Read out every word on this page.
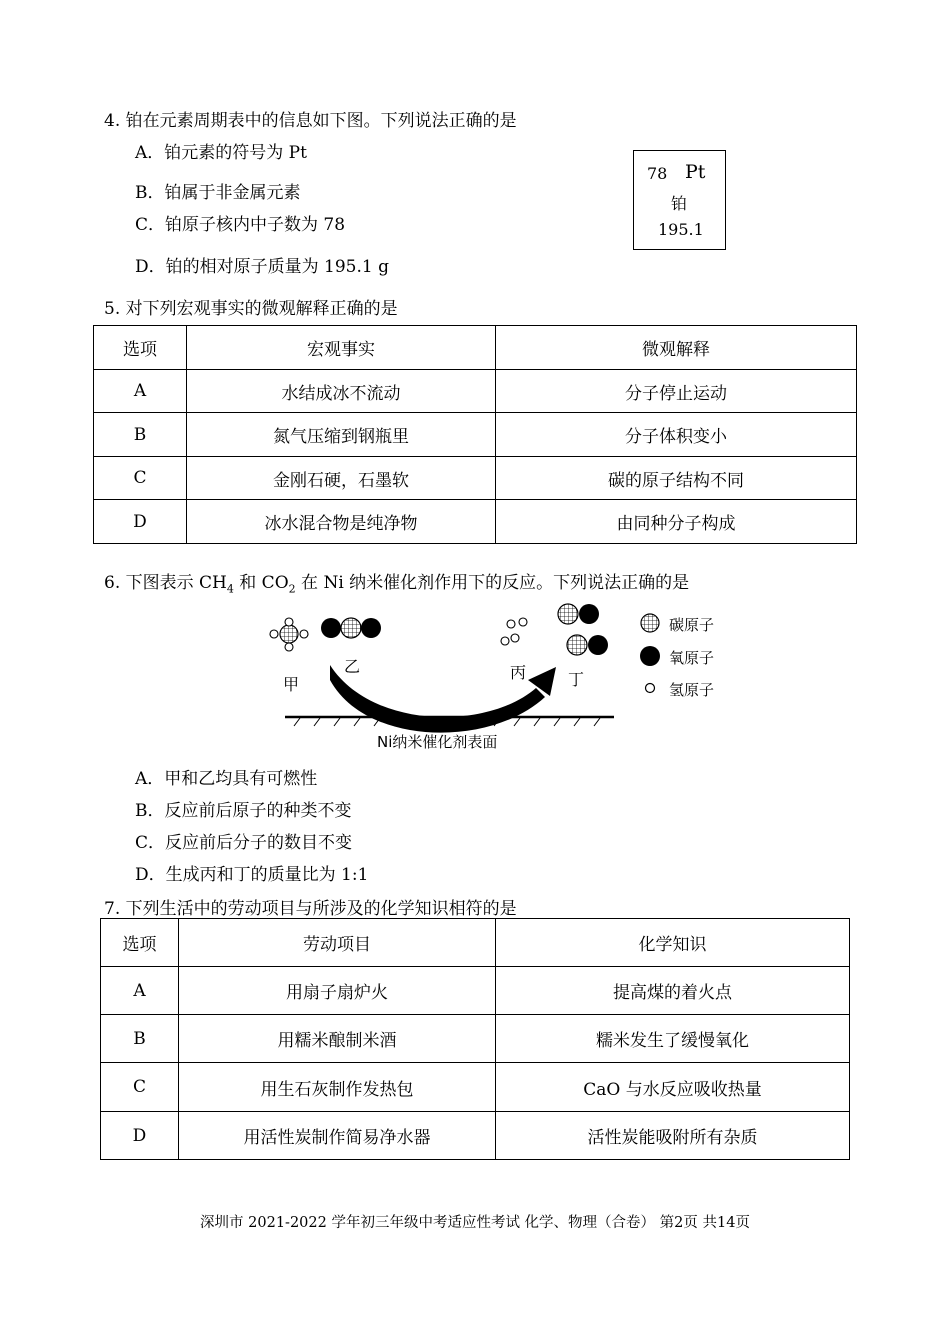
4. 铂在元素周期表中的信息如下图。下列说法正确的是
A．铂元素的符号为 Pt
B．铂属于非金属元素
C．铂原子核内中子数为 78
D．铂的相对原子质量为 195.1 g
78 Pt
铂
195.1
5. 对下列宏观事实的微观解释正确的是
选项	宏观事实	微观解释
A	水结成冰不流动	分子停止运动
B	氮气压缩到钢瓶里	分子体积变小
C	金刚石硬，石墨软	碳的原子结构不同
D	冰水混合物是纯净物	由同种分子构成
6. 下图表示 $CH_4$ 和 $CO_2$ 在 Ni 纳米催化剂作用下的反应。下列说法正确的是
甲
乙	丙	丁
Ni纳米催化剂表面
碳原子
氧原子
氢原子
A．甲和乙均具有可燃性
B．反应前后原子的种类不变
C．反应前后分子的数目不变
D．生成丙和丁的质量比为 1:1
7. 下列生活中的劳动项目与所涉及的化学知识相符的是
选项	劳动项目	化学知识
A	用扇子扇炉火	提高煤的着火点
B	用糯米酿制米酒	糯米发生了缓慢氧化
C	用生石灰制作发热包	CaO 与水反应吸收热量
D	用活性炭制作简易净水器	活性炭能吸附所有杂质
深圳市 2021-2022 学年初三年级中考适应性考试 化学、物理（合卷） 第2页 共14页
